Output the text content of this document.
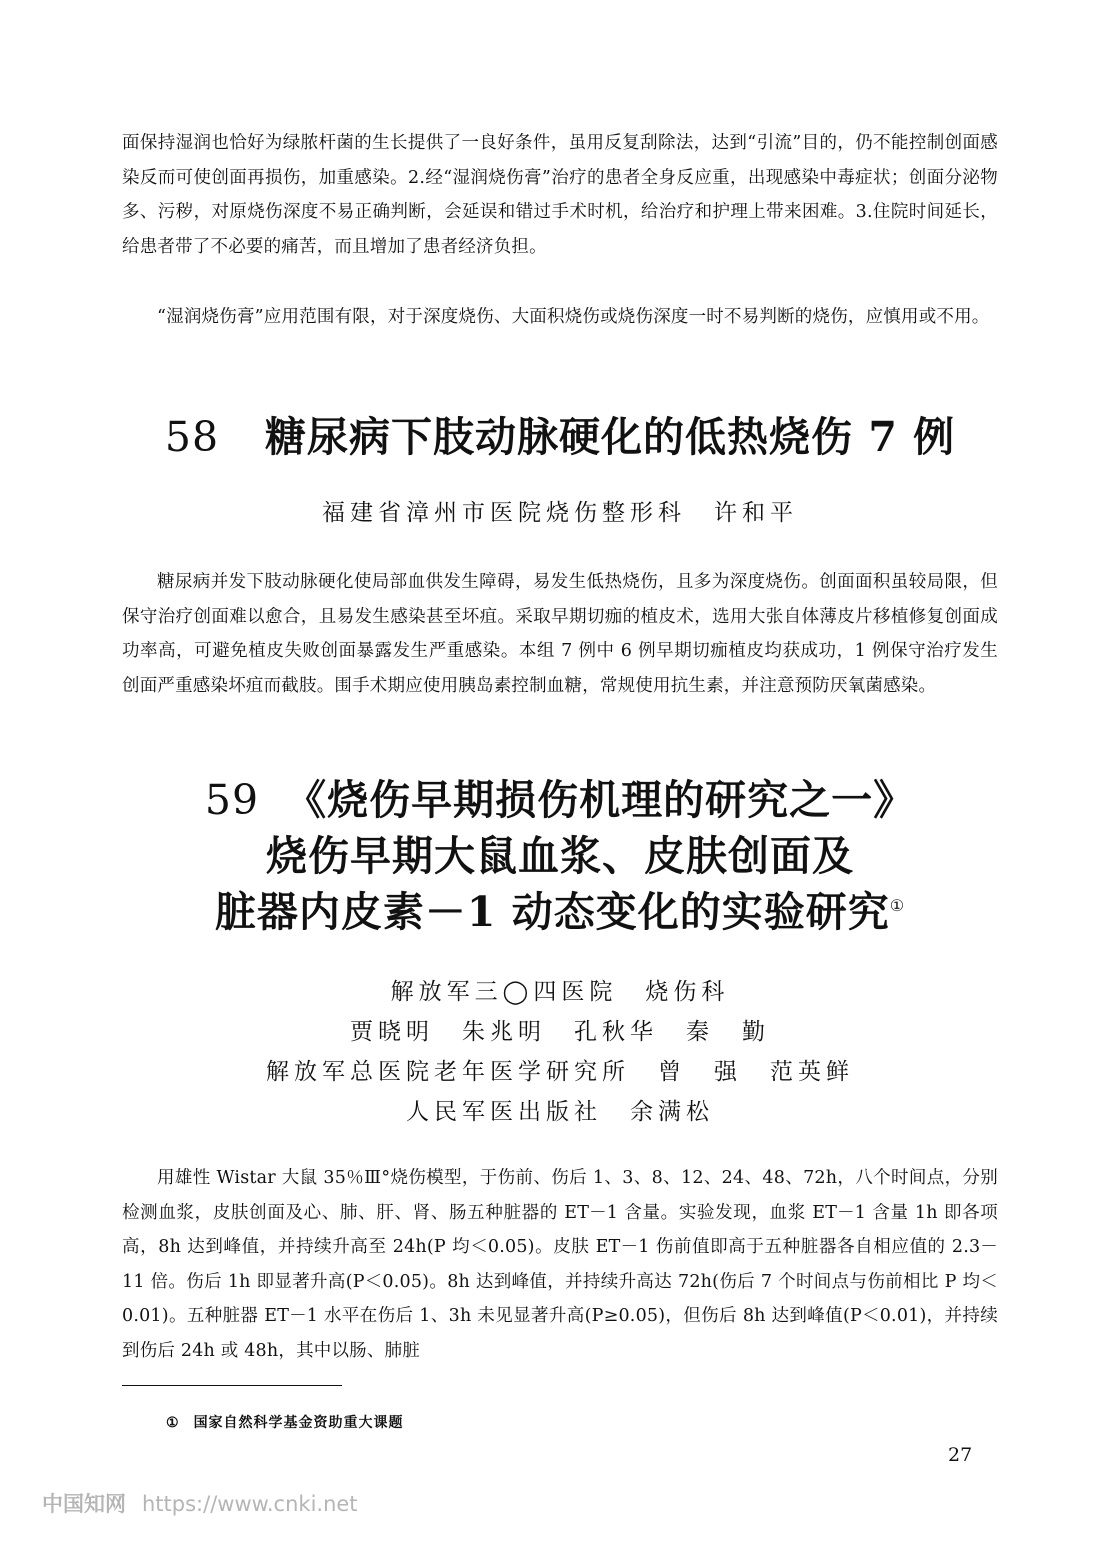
面保持湿润也恰好为绿脓杆菌的生长提供了一良好条件，虽用反复刮除法，达到“引流”目的，仍不能控制创面感染反而可使创面再损伤，加重感染。2.经“湿润烧伤膏”治疗的患者全身反应重，出现感染中毒症状；创面分泌物多、污秽，对原烧伤深度不易正确判断，会延误和错过手术时机，给治疗和护理上带来困难。3.住院时间延长，给患者带了不必要的痛苦，而且增加了患者经济负担。
“湿润烧伤膏”应用范围有限，对于深度烧伤、大面积烧伤或烧伤深度一时不易判断的烧伤，应慎用或不用。
58 糖尿病下肢动脉硬化的低热烧伤 7 例
福建省漳州市医院烧伤整形科　许和平
糖尿病并发下肢动脉硬化使局部血供发生障碍，易发生低热烧伤，且多为深度烧伤。创面面积虽较局限，但保守治疗创面难以愈合，且易发生感染甚至坏疽。采取早期切痂的植皮术，选用大张自体薄皮片移植修复创面成功率高，可避免植皮失败创面暴露发生严重感染。本组 7 例中 6 例早期切痂植皮均获成功，1 例保守治疗发生创面严重感染坏疽而截肢。围手术期应使用胰岛素控制血糖，常规使用抗生素，并注意预防厌氧菌感染。
59 《烧伤早期损伤机理的研究之一》
烧伤早期大鼠血浆、皮肤创面及
脏器内皮素－1 动态变化的实验研究①
解放军三◯四医院　烧伤科
贾晓明　朱兆明　孔秋华　秦　勤
解放军总医院老年医学研究所　曾　强　范英鲜
人民军医出版社　余满松
用雄性 Wistar 大鼠 35％Ⅲ°烧伤模型，于伤前、伤后 1、3、8、12、24、48、72h，八个时间点，分别检测血浆，皮肤创面及心、肺、肝、肾、肠五种脏器的 ET－1 含量。实验发现，血浆 ET－1 含量 1h 即各项高，8h 达到峰值，并持续升高至 24h(P 均＜0.05)。皮肤 ET－1 伤前值即高于五种脏器各自相应值的 2.3－11 倍。伤后 1h 即显著升高(P＜0.05)。8h 达到峰值，并持续升高达 72h(伤后 7 个时间点与伤前相比 P 均＜0.01)。五种脏器 ET－1 水平在伤后 1、3h 未见显著升高(P≥0.05)，但伤后 8h 达到峰值(P＜0.01)，并持续到伤后 24h 或 48h，其中以肠、肺脏
① 国家自然科学基金资助重大课题
27
中国知网 https://www.cnki.net
